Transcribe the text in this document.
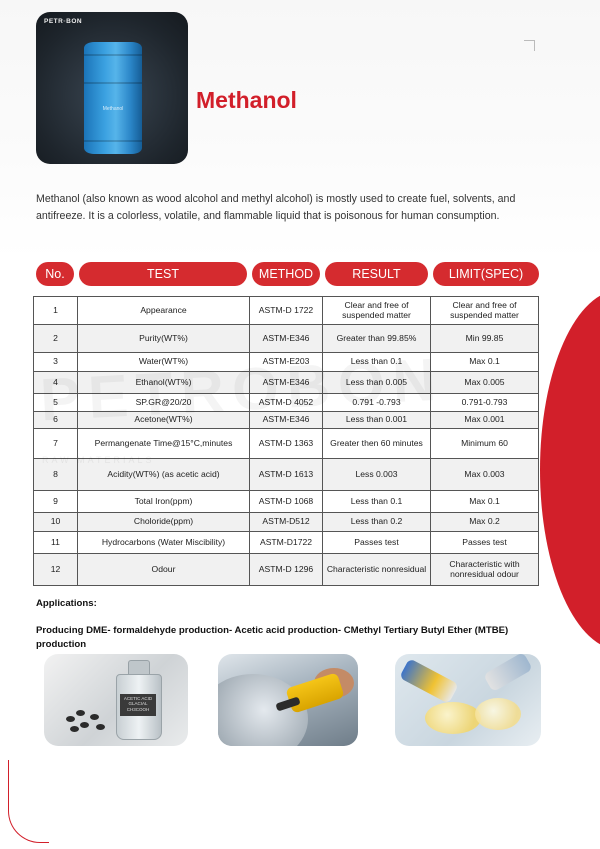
PETR◦BON
Methanol	Methanol

Methanol (also known as wood alcohol and methyl alcohol) is mostly used to create fuel, solvents, and antifreeze. It is a colorless, volatile, and flammable liquid that is poisonous for human consumption.

No.	TEST	METHOD	RESULT	LIMIT(SPEC)
1	Appearance	ASTM-D 1722	Clear and free of suspended matter	Clear and free of suspended matter
2	Purity(WT%)	ASTM-E346	Greater than 99.85%	Min 99.85
3	Water(WT%)	ASTM-E203	Less than 0.1	Max 0.1
4	Ethanol(WT%)	ASTM-E346	Less than 0.005	Max 0.005
5	SP.GR@20/20	ASTM-D 4052	0.791 -0.793	0.791-0.793
6	Acetone(WT%)	ASTM-E346	Less than 0.001	Max 0.001
7	Permangenate Time@15°C,minutes	ASTM-D 1363	Greater then 60 minutes	Minimum 60
8	Acidity(WT%) (as acetic acid)	ASTM-D 1613	Less 0.003	Max 0.003
9	Total Iron(ppm)	ASTM-D 1068	Less than 0.1	Max 0.1
10	Choloride(ppm)	ASTM-D512	Less than 0.2	Max 0.2
11	Hydrocarbons (Water Miscibility)	ASTM-D1722	Passes test	Passes test
12	Odour	ASTM-D 1296	Characteristic nonresidual	Characteristic with nonresidual odour

Applications:

Producing DME- formaldehyde production- Acetic acid production- CMethyl Tertiary Butyl Ether (MTBE) production

ACETIC ACID GLACIAL CH3COOH
